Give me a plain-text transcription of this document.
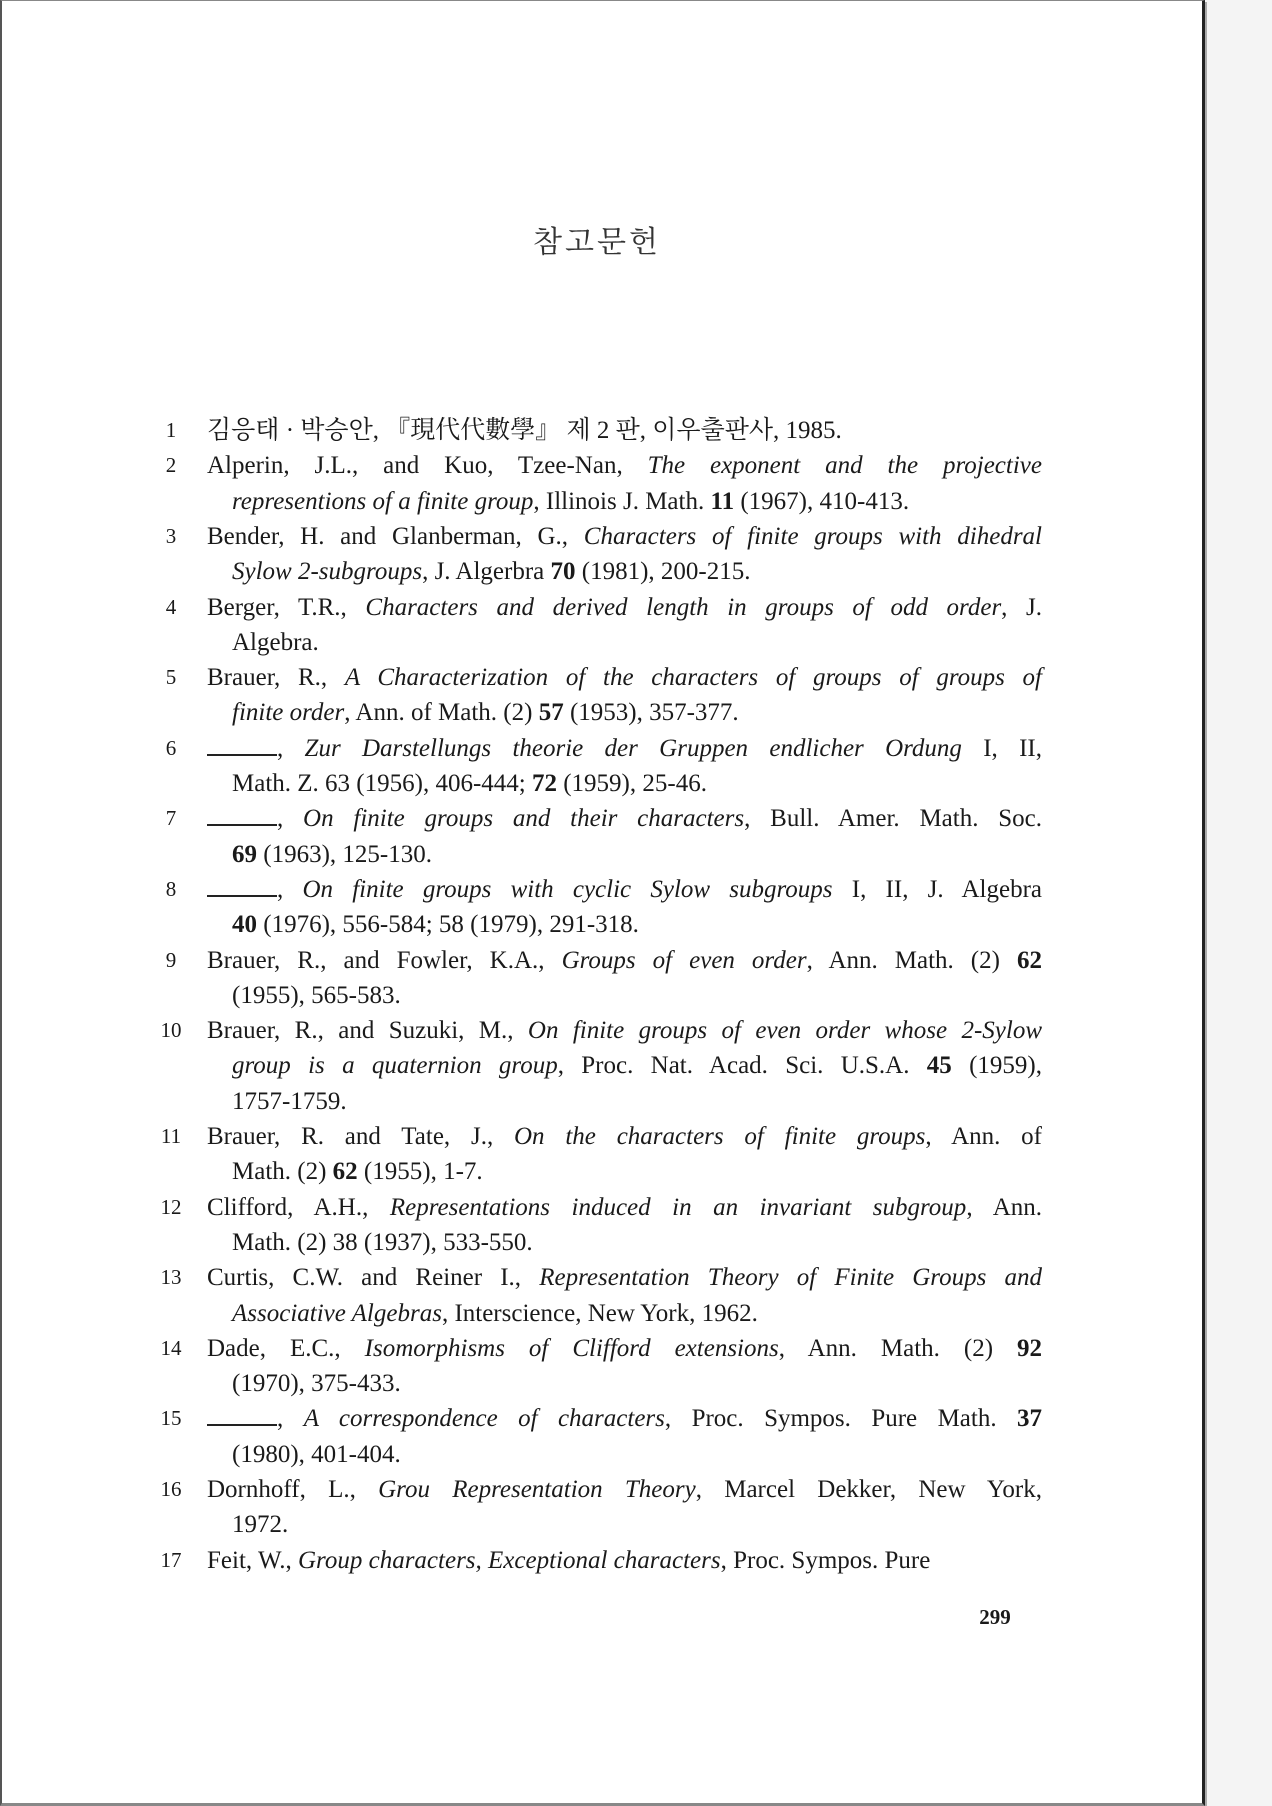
참고문헌
1	김응태 · 박승안, 『現代代數學』 제 2 판, 이우출판사, 1985.
2	Alperin, J.L., and Kuo, Tzee-Nan, The exponent and the projective
representions of a finite group, Illinois J. Math. 11 (1967), 410-413.
3	Bender, H. and Glanberman, G., Characters of finite groups with dihedral
Sylow 2-subgroups, J. Algerbra 70 (1981), 200-215.
4	Berger, T.R., Characters and derived length in groups of odd order, J.
Algebra.
5	Brauer, R., A Characterization of the characters of groups of groups of
finite order, Ann. of Math. (2) 57 (1953), 357-377.
6	, Zur Darstellungs theorie der Gruppen endlicher Ordung I, II,
Math. Z. 63 (1956), 406-444; 72 (1959), 25-46.
7	, On finite groups and their characters, Bull. Amer. Math. Soc.
69 (1963), 125-130.
8	, On finite groups with cyclic Sylow subgroups I, II, J. Algebra
40 (1976), 556-584; 58 (1979), 291-318.
9	Brauer, R., and Fowler, K.A., Groups of even order, Ann. Math. (2) 62
(1955), 565-583.
10	Brauer, R., and Suzuki, M., On finite groups of even order whose 2-Sylow
group is a quaternion group, Proc. Nat. Acad. Sci. U.S.A. 45 (1959),
1757-1759.
11	Brauer, R. and Tate, J., On the characters of finite groups, Ann. of
Math. (2) 62 (1955), 1-7.
12	Clifford, A.H., Representations induced in an invariant subgroup, Ann.
Math. (2) 38 (1937), 533-550.
13	Curtis, C.W. and Reiner I., Representation Theory of Finite Groups and
Associative Algebras, Interscience, New York, 1962.
14	Dade, E.C., Isomorphisms of Clifford extensions, Ann. Math. (2) 92
(1970), 375-433.
15	, A correspondence of characters, Proc. Sympos. Pure Math. 37
(1980), 401-404.
16	Dornhoff, L., Grou Representation Theory, Marcel Dekker, New York,
1972.
17	Feit, W., Group characters, Exceptional characters, Proc. Sympos. Pure
299
